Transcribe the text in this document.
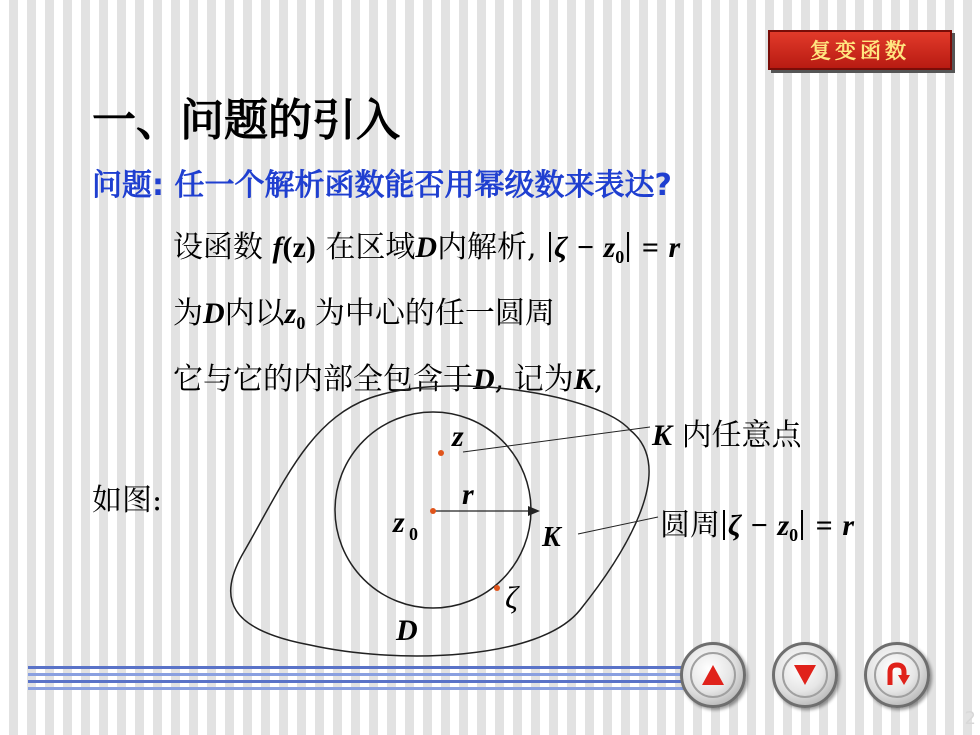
复变函数
一、问题的引入
问题: 任一个解析函数能否用幂级数来表达?
设函数 f(z) 在区域D内解析, $\zeta - z_0 = r$
为D内以$z_0$ 为中心的任一圆周
它与它的内部全包含于D, 记为K,
如图:
z
z 0
r
K
ζ
D
K 内任意点
圆周 $\zeta - z_0 = r$
2
